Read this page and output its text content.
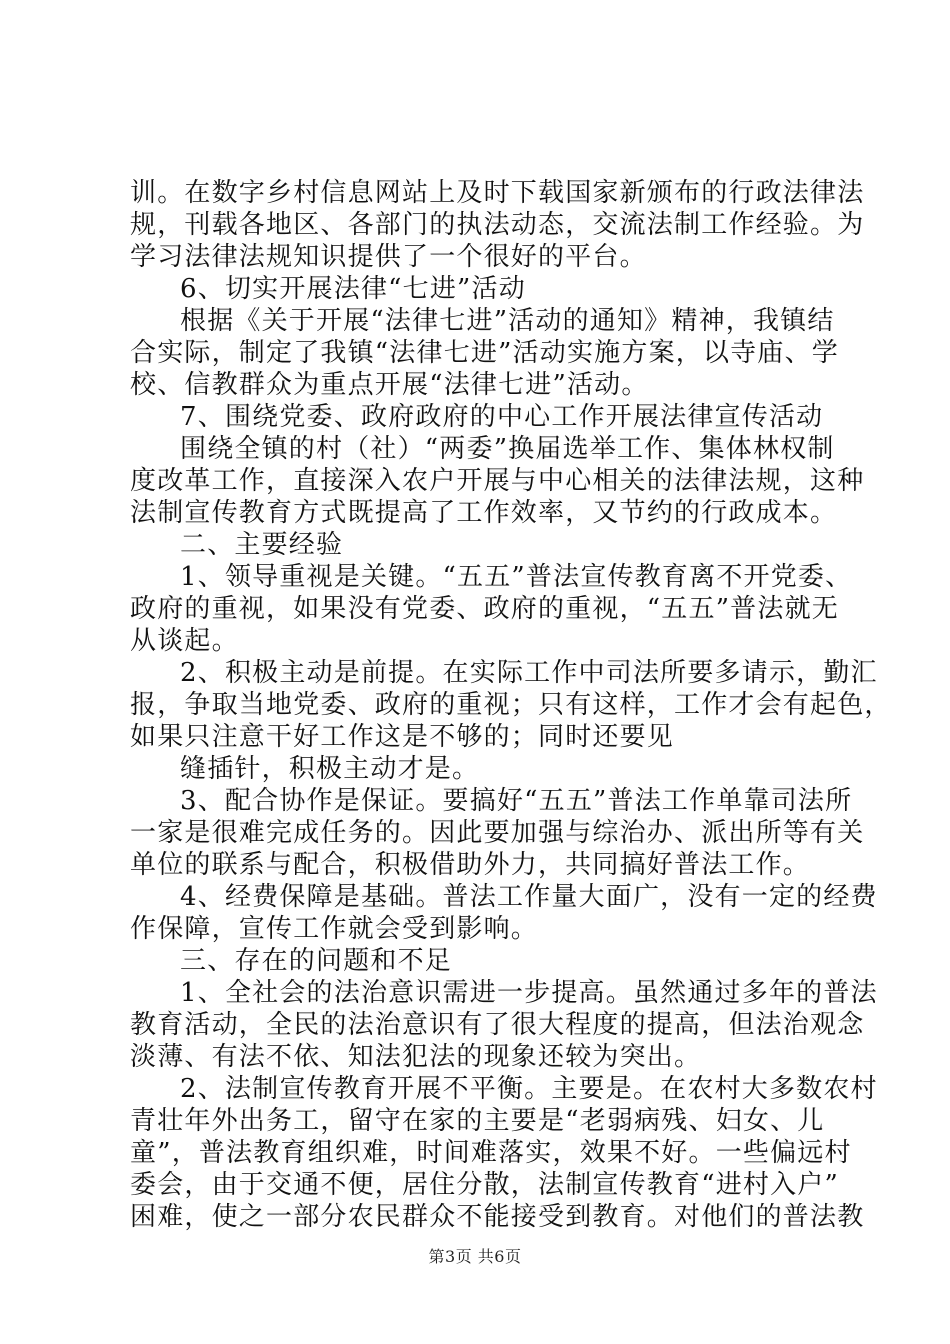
训。在数字乡村信息网站上及时下载国家新颁布的行政法律法
规，刊载各地区、各部门的执法动态，交流法制工作经验。为
学习法律法规知识提供了一个很好的平台。
6、切实开展法律“七进”活动
根据《关于开展“法律七进”活动的通知》精神，我镇结
合实际，制定了我镇“法律七进”活动实施方案，以寺庙、学
校、信教群众为重点开展“法律七进”活动。
7、围绕党委、政府政府的中心工作开展法律宣传活动
围绕全镇的村（社）“两委”换届选举工作、集体林权制
度改革工作，直接深入农户开展与中心相关的法律法规，这种
法制宣传教育方式既提高了工作效率，又节约的行政成本。
二、主要经验
1、领导重视是关键。“五五”普法宣传教育离不开党委、
政府的重视，如果没有党委、政府的重视，“五五”普法就无
从谈起。
2、积极主动是前提。在实际工作中司法所要多请示，勤汇
报，争取当地党委、政府的重视；只有这样，工作才会有起色，
如果只注意干好工作这是不够的；同时还要见
缝插针，积极主动才是。
3、配合协作是保证。要搞好“五五”普法工作单靠司法所
一家是很难完成任务的。因此要加强与综治办、派出所等有关
单位的联系与配合，积极借助外力，共同搞好普法工作。
4、经费保障是基础。普法工作量大面广，没有一定的经费
作保障，宣传工作就会受到影响。
三、存在的问题和不足
1、全社会的法治意识需进一步提高。虽然通过多年的普法
教育活动，全民的法治意识有了很大程度的提高，但法治观念
淡薄、有法不依、知法犯法的现象还较为突出。
2、法制宣传教育开展不平衡。主要是。在农村大多数农村
青壮年外出务工，留守在家的主要是“老弱病残、妇女、儿
童”，普法教育组织难，时间难落实，效果不好。一些偏远村
委会，由于交通不便，居住分散，法制宣传教育“进村入户”
困难，使之一部分农民群众不能接受到教育。对他们的普法教
第3页 共6页
